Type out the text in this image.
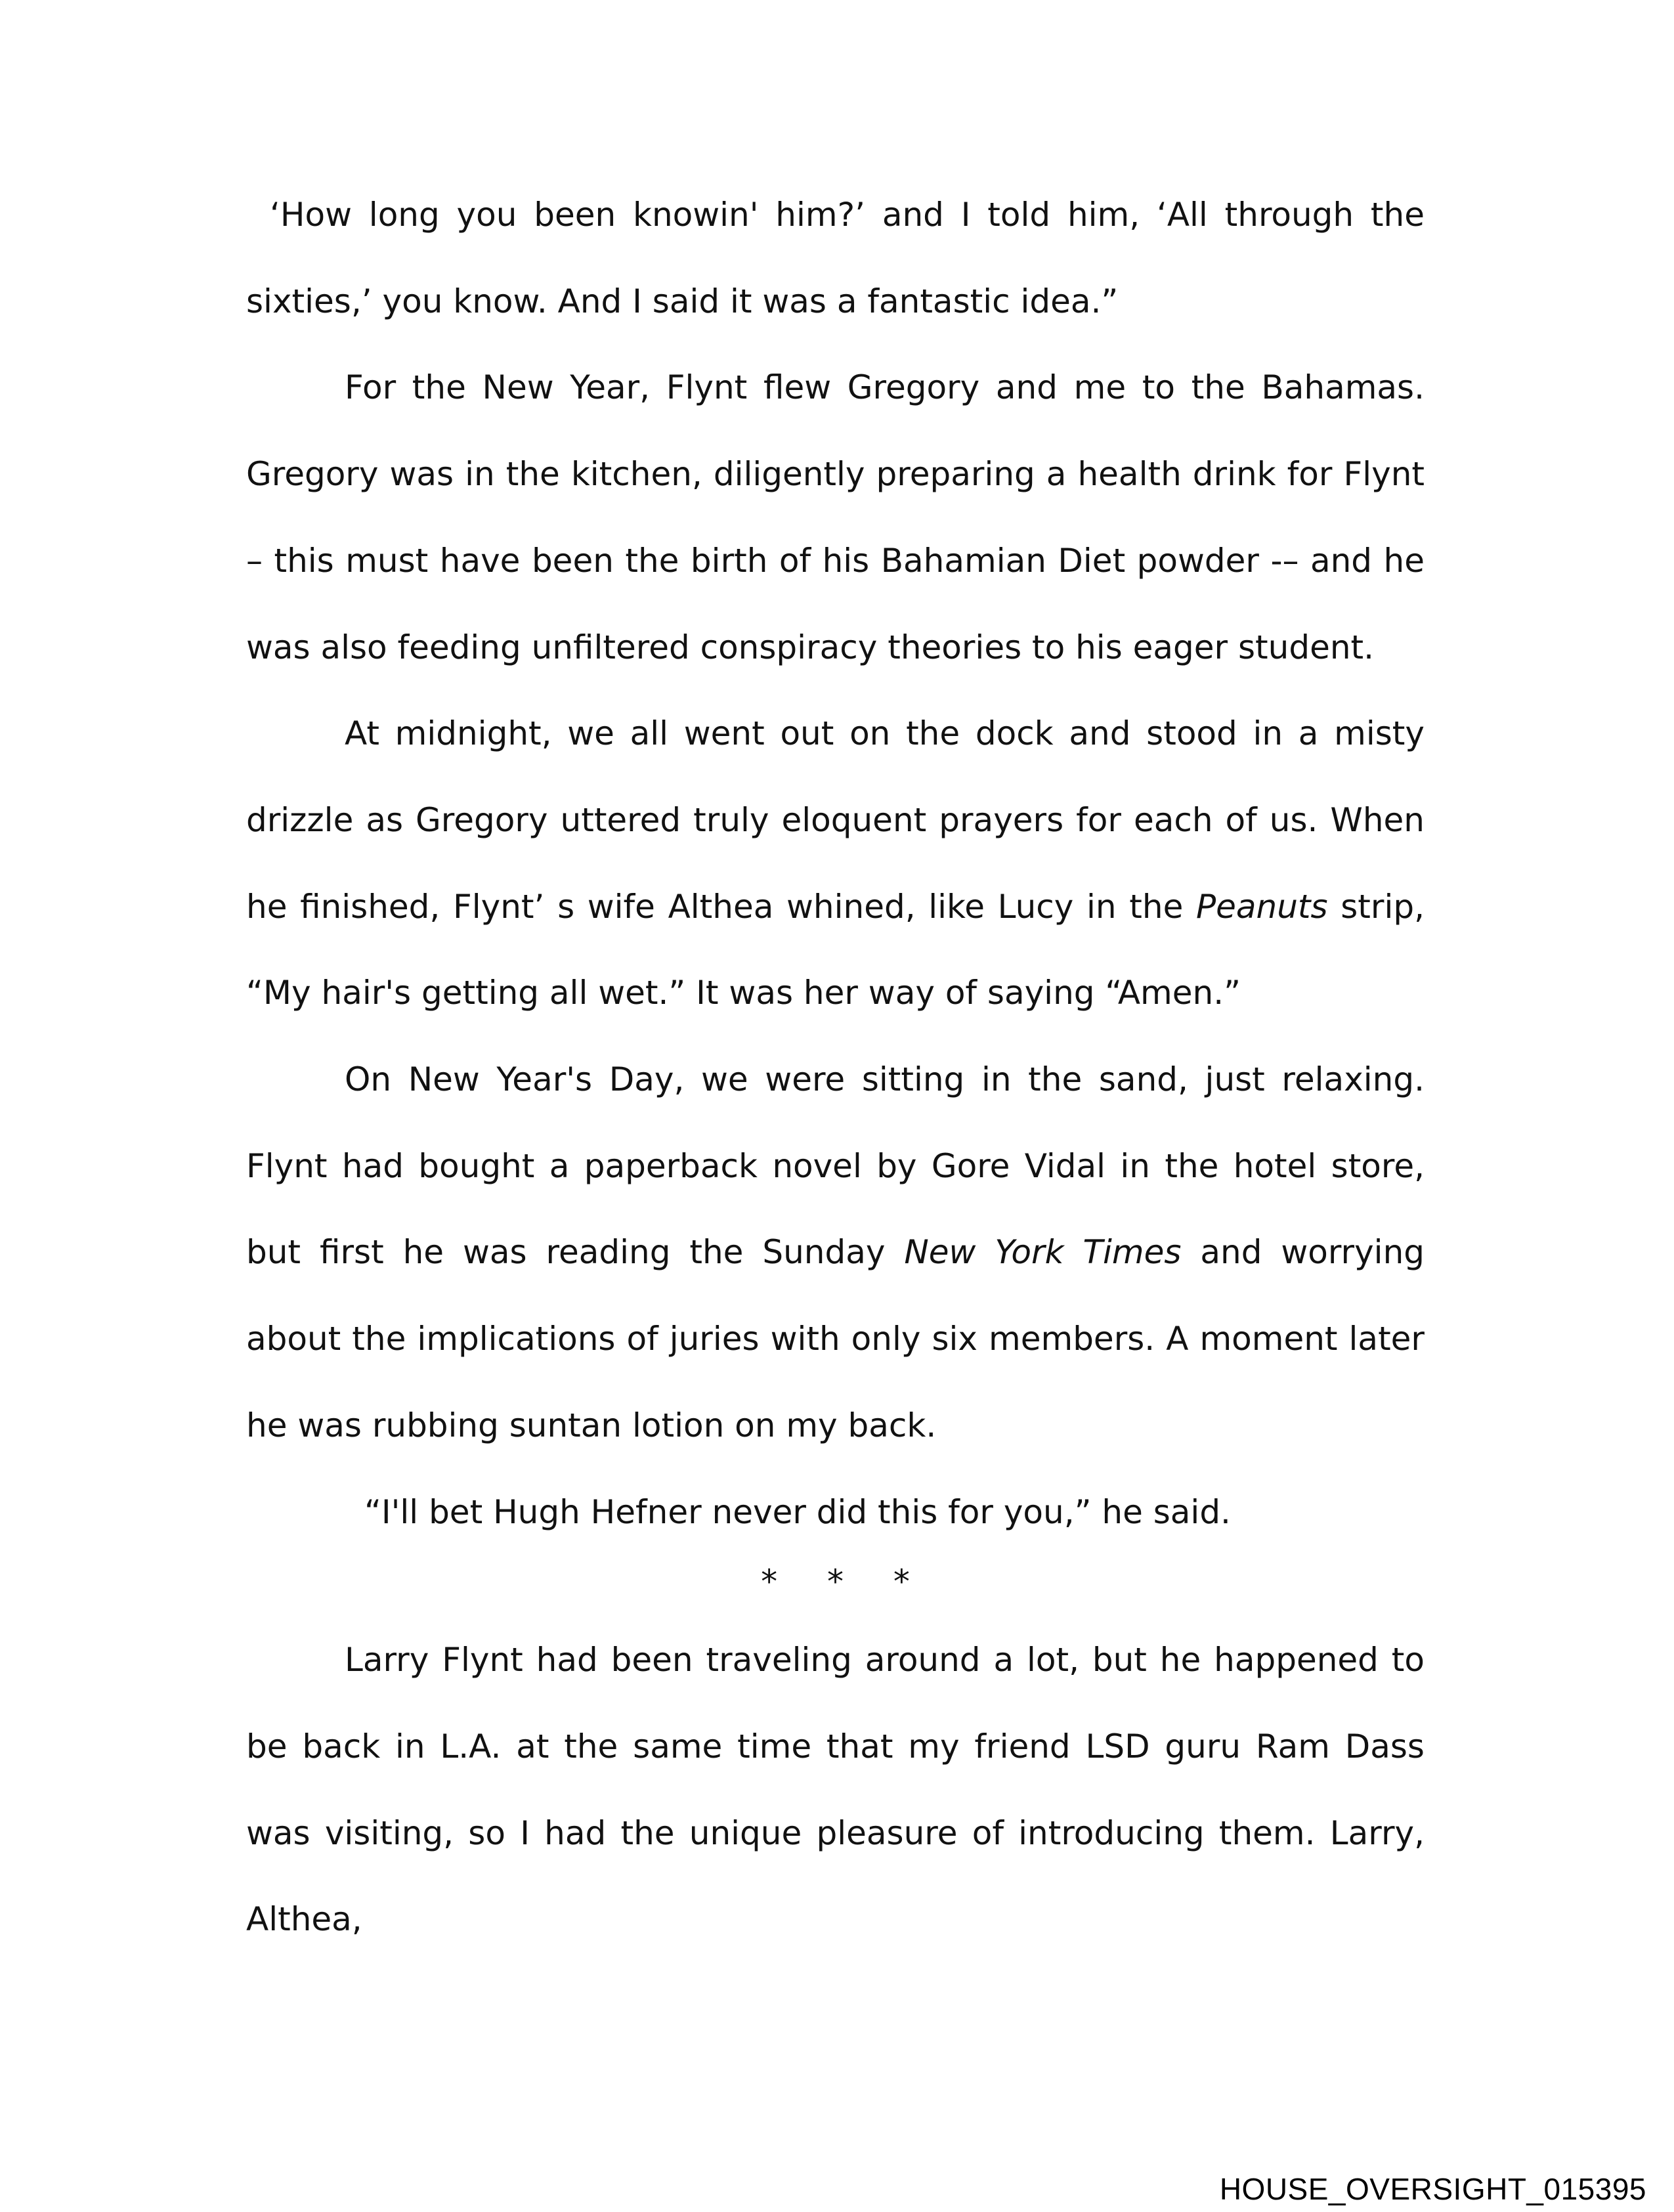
‘How long you been knowin' him?’ and I told him, ‘All through the sixties,’ you know. And I said it was a fantastic idea.”

For the New Year, Flynt flew Gregory and me to the Bahamas. Gregory was in the kitchen, diligently preparing a health drink for Flynt – this must have been the birth of his Bahamian Diet powder -– and he was also feeding unfiltered conspiracy theories to his eager student.

At midnight, we all went out on the dock and stood in a misty drizzle as Gregory uttered truly eloquent prayers for each of us. When he finished, Flynt’ s wife Althea whined, like Lucy in the Peanuts strip, “My hair's getting all wet.” It was her way of saying “Amen.”

On New Year's Day, we were sitting in the sand, just relaxing. Flynt had bought a paperback novel by Gore Vidal in the hotel store, but first he was reading the Sunday New York Times and worrying about the implications of juries with only six members. A moment later he was rubbing suntan lotion on my back.

“I'll bet Hugh Hefner never did this for you,” he said.

* * *

Larry Flynt had been traveling around a lot, but he happened to be back in L.A. at the same time that my friend LSD guru Ram Dass was visiting, so I had the unique pleasure of introducing them. Larry, Althea,

HOUSE_OVERSIGHT_015395
